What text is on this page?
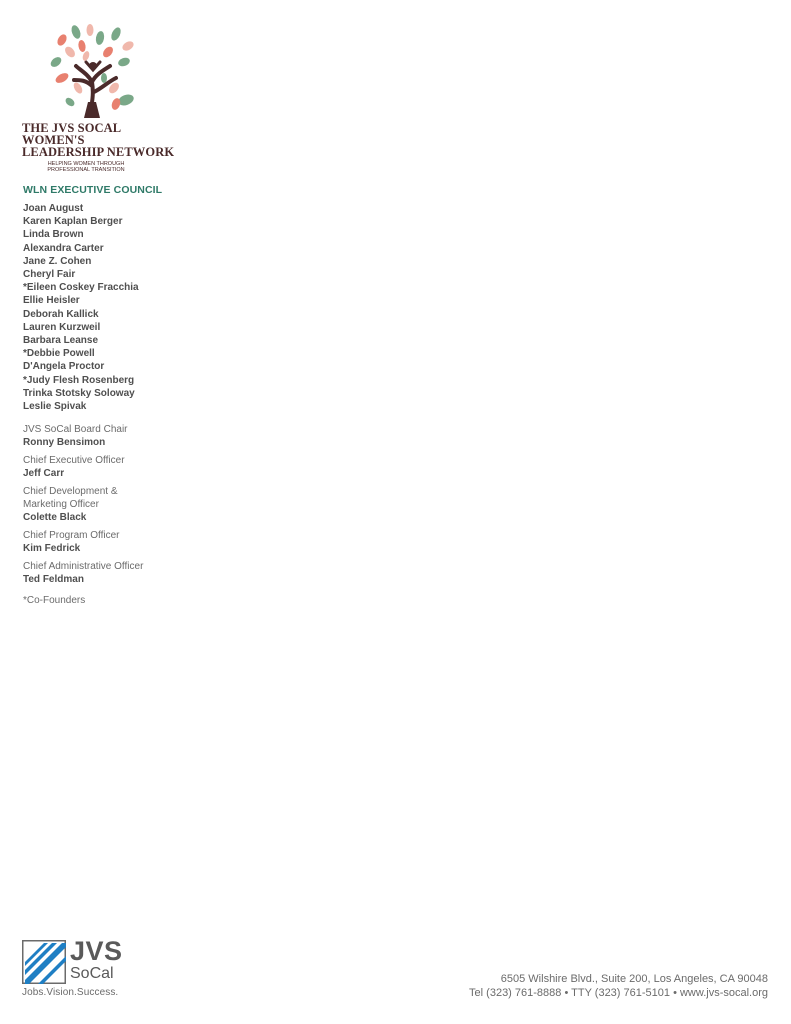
THE JVS SOCAL WOMEN'S
LEADERSHIP NETWORK
HELPING WOMEN THROUGH
PROFESSIONAL TRANSITION
WLN EXECUTIVE COUNCIL
Joan August
Karen Kaplan Berger
Linda Brown
Alexandra Carter
Jane Z. Cohen
Cheryl Fair
*Eileen Coskey Fracchia
Ellie Heisler
Deborah Kallick
Lauren Kurzweil
Barbara Leanse
*Debbie Powell
D'Angela Proctor
*Judy Flesh Rosenberg
Trinka Stotsky Soloway
Leslie Spivak
JVS SoCal Board Chair
Ronny Bensimon
Chief Executive Officer
Jeff Carr
Chief Development &
Marketing Officer
Colette Black
Chief Program Officer
Kim Fedrick
Chief Administrative Officer
Ted Feldman
*Co-Founders
JVS
SoCal
Jobs.Vision.Success.
6505 Wilshire Blvd., Suite 200, Los Angeles, CA 90048
Tel (323) 761-8888 • TTY (323) 761-5101 • www.jvs-socal.org
